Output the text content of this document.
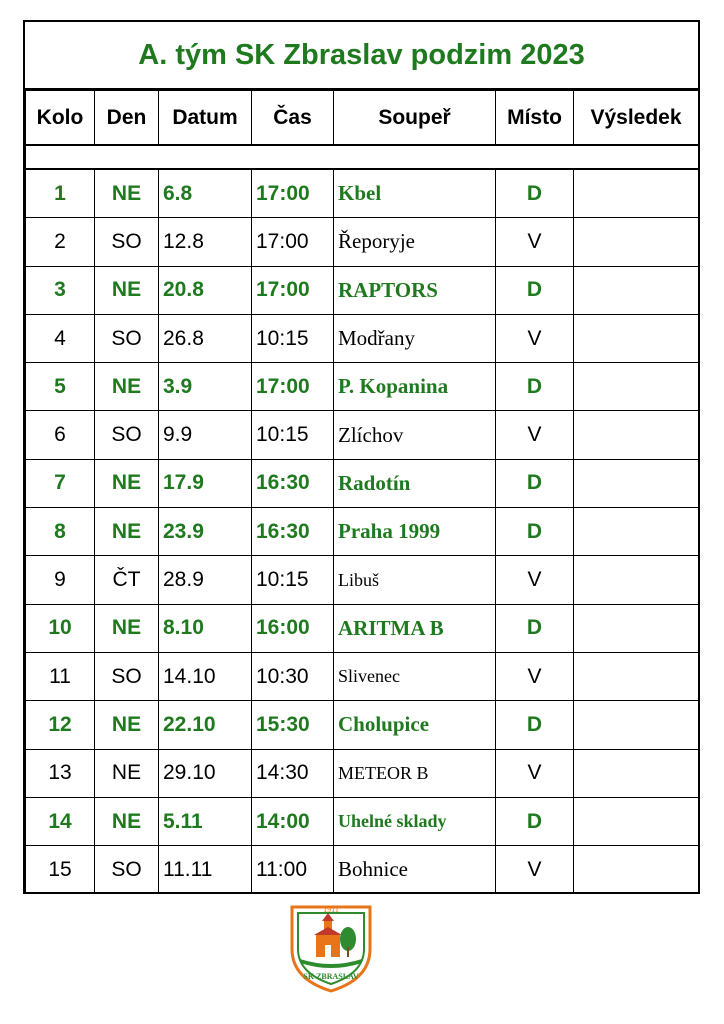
A. tým SK Zbraslav podzim 2023
Kolo	Den	Datum	Čas	Soupeř	Místo	Výsledek

1	NE	6.8	17:00	Kbel	D	
2	SO	12.8	17:00	Řeporyje	V	
3	NE	20.8	17:00	RAPTORS	D	
4	SO	26.8	10:15	Modřany	V	
5	NE	3.9	17:00	P. Kopanina	D	
6	SO	9.9	10:15	Zlíchov	V	
7	NE	17.9	16:30	Radotín	D	
8	NE	23.9	16:30	Praha 1999	D	
9	ČT	28.9	10:15	Libuš	V	
10	NE	8.10	16:00	ARITMA B	D	
11	SO	14.10	10:30	Slivenec	V	
12	NE	22.10	15:30	Cholupice	D	
13	NE	29.10	14:30	METEOR B	V	
14	NE	5.11	14:00	Uhelné sklady	D	
15	SO	11.11	11:00	Bohnice	V	
1911
SK ZBRASLAV
